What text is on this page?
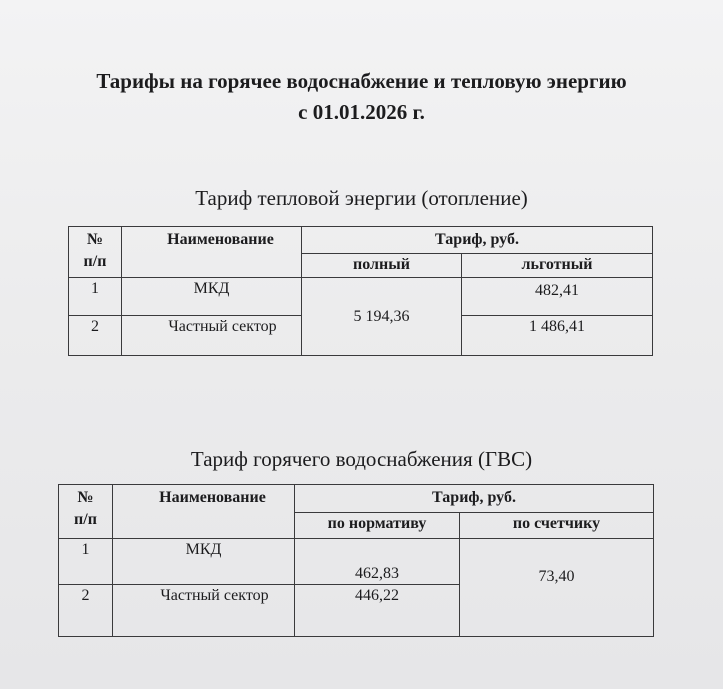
Тарифы на горячее водоснабжение и тепловую энергию
с 01.01.2026 г.
Тариф тепловой энергии (отопление)
№
п/п	Наименование	Тариф, руб.	
		полный	льготный
1	МКД	5 194,36	482,41
2	Частный сектор		1 486,41
Тариф горячего водоснабжения (ГВС)
№
п/п	Наименование	Тариф, руб.	
		по нормативу	по счетчику
1	МКД	462,83	73,40
2	Частный сектор	446,22	
